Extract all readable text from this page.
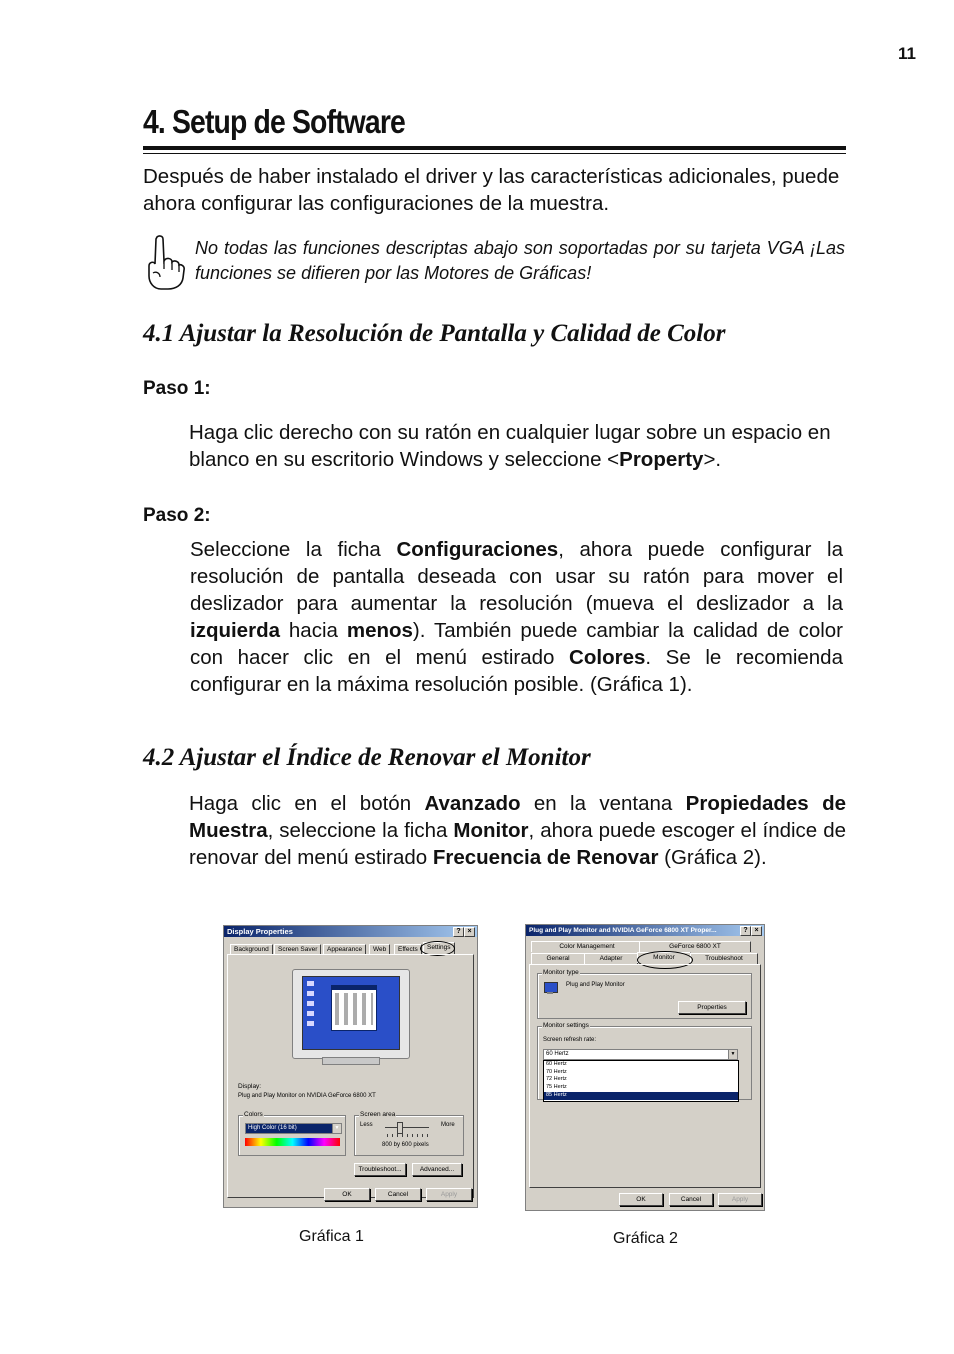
11
4. Setup de Software
Después de haber instalado el driver y las características adicionales, puede ahora configurar las configuraciones de la muestra.
No todas las funciones descriptas abajo son soportadas por su tarjeta VGA ¡Las funciones se difieren por las Motores de Gráficas!
4.1 Ajustar la Resolución de Pantalla y Calidad de Color
Paso 1:
Haga clic derecho con su ratón en cualquier lugar sobre un espacio en blanco en su escritorio Windows y seleccione <Property>.
Paso 2:
Seleccione la ficha Configuraciones, ahora puede configurar la resolución de pantalla deseada con usar su ratón para mover el deslizador para aumentar la resolución (mueva el deslizador a la izquierda hacia menos). También puede cambiar la calidad de color con hacer clic en el menú estirado Colores. Se le recomienda configurar en la máxima resolución posible. (Gráfica 1).
4.2 Ajustar el Índice de Renovar el Monitor
Haga clic en el botón Avanzado en la ventana Propiedades de Muestra, seleccione la ficha Monitor, ahora puede escoger el índice de renovar del menú estirado Frecuencia de Renovar (Gráfica 2).
Display Properties	? ×
Background	Screen Saver	Appearance	Web	Effects	Settings
Display:
Plug and Play Monitor on NVIDIA GeForce 6800 XT
Colors
High Color (16 bit)	▼
Screen area
Less	More
800 by 600 pixels
Troubleshoot...	Advanced...
OK	Cancel	Apply
Gráfica 1
Plug and Play Monitor and NVIDIA GeForce 6800 XT Proper...	? ×
Color Management	GeForce 6800 XT
General	Adapter	Monitor	Troubleshoot
Monitor type
Plug and Play Monitor
Properties
Monitor settings
Screen refresh rate:
60 Hertz	▼
60 Hertz
70 Hertz
72 Hertz
75 Hertz
85 Hertz
OK	Cancel	Apply
Gráfica 2
